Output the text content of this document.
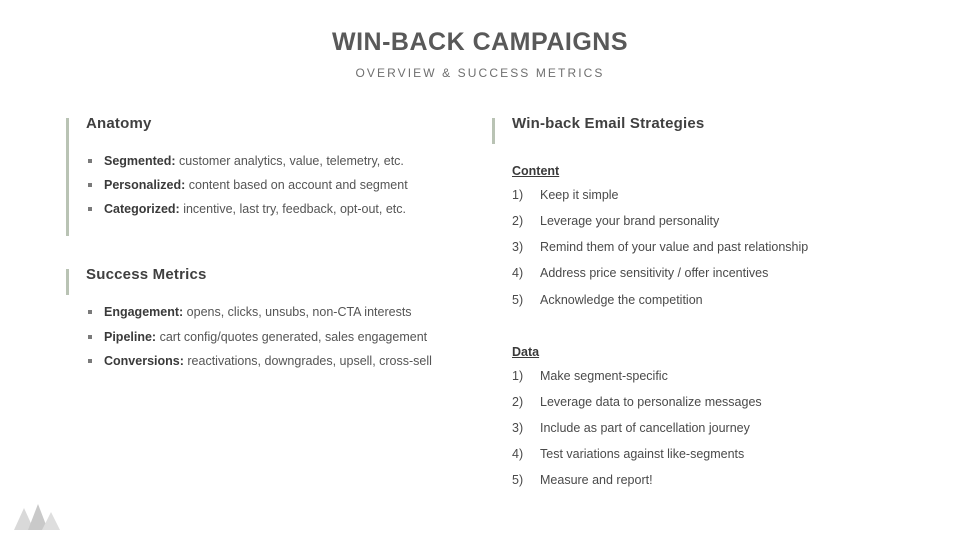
WIN-BACK CAMPAIGNS
OVERVIEW & SUCCESS METRICS
Anatomy
Segmented: customer analytics, value, telemetry, etc.
Personalized: content based on account and segment
Categorized: incentive, last try, feedback, opt-out, etc.
Success Metrics
Engagement: opens, clicks, unsubs, non-CTA interests
Pipeline: cart config/quotes generated, sales engagement
Conversions: reactivations, downgrades, upsell, cross-sell
Win-back Email Strategies
Content
1) Keep it simple
2) Leverage your brand personality
3) Remind them of your value and past relationship
4) Address price sensitivity / offer incentives
5) Acknowledge the competition
Data
1) Make segment-specific
2) Leverage data to personalize messages
3) Include as part of cancellation journey
4) Test variations against like-segments
5) Measure and report!
